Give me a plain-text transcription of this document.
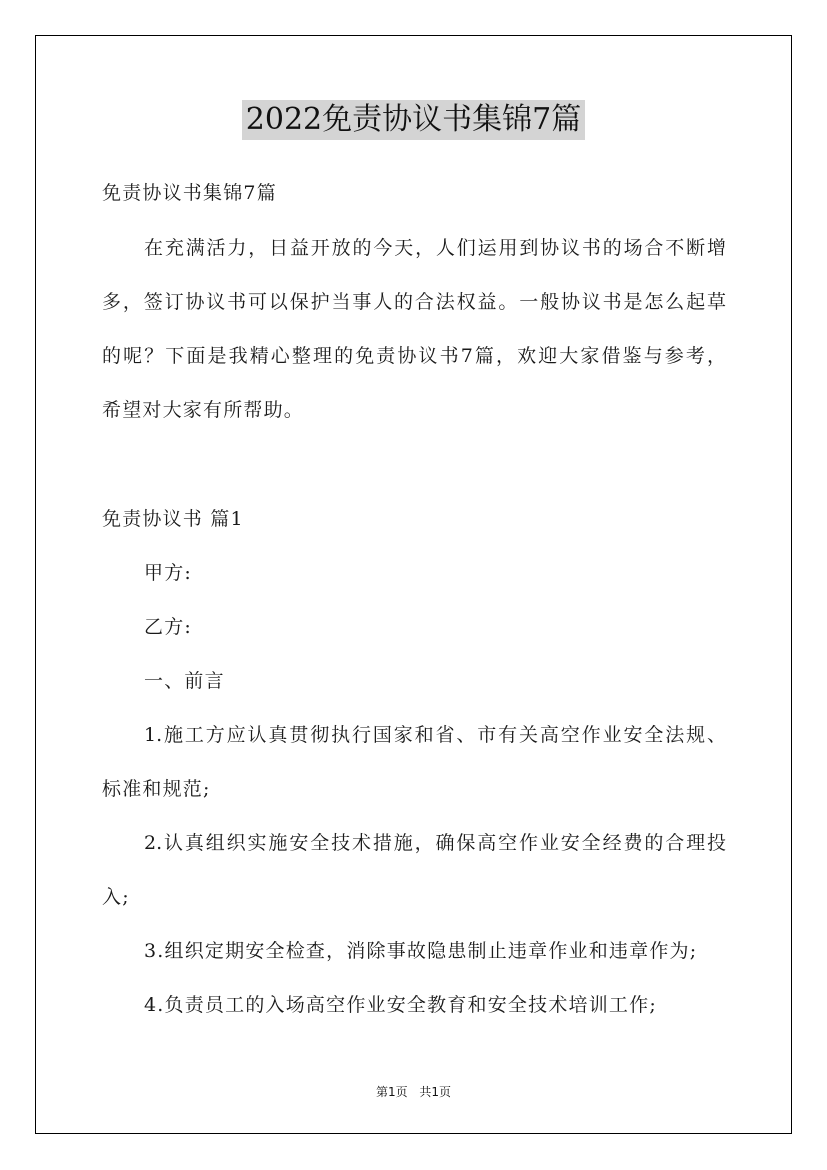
2022免责协议书集锦7篇
免责协议书集锦7篇
在充满活力，日益开放的今天，人们运用到协议书的场合不断增
多，签订协议书可以保护当事人的合法权益。一般协议书是怎么起草
的呢？下面是我精心整理的免责协议书7篇，欢迎大家借鉴与参考，
希望对大家有所帮助。
免责协议书 篇1
甲方:
乙方:
一、前言
1.施工方应认真贯彻执行国家和省、市有关高空作业安全法规、
标准和规范;
2.认真组织实施安全技术措施，确保高空作业安全经费的合理投
入;
3.组织定期安全检查，消除事故隐患制止违章作业和违章作为;
4.负责员工的入场高空作业安全教育和安全技术培训工作;
第1页 共1页
